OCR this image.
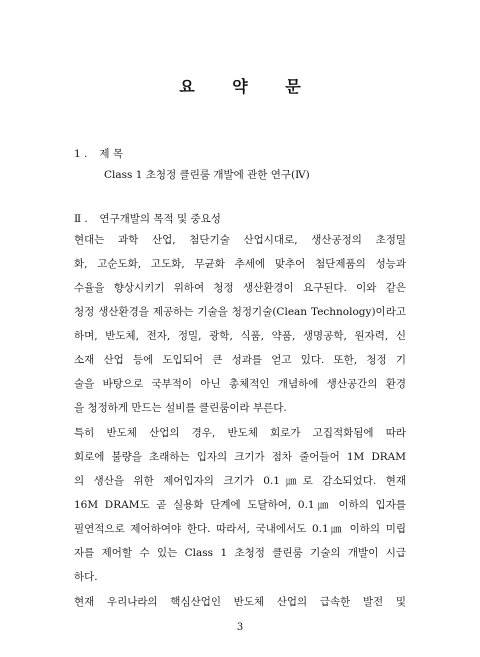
요 약 문
1 . 제 목
Class 1 초청정 클린룸 개발에 관한 연구(Ⅳ)
Ⅱ . 연구개발의 목적 및 중요성
현대는 과학 산업, 첨단기술 산업시대로, 생산공정의 초정밀
화, 고순도화, 고도화, 무균화 추세에 맞추어 첨단제품의 성능과
수율을 향상시키기 위하여 청정 생산환경이 요구된다. 이와 같은
청정 생산환경을 제공하는 기술을 청정기술(Clean Technology)이라고
하며, 반도체, 전자, 정밀, 광학, 식품, 약품, 생명공학, 원자력, 신
소재 산업 등에 도입되어 큰 성과를 얻고 있다. 또한, 청정 기
술을 바탕으로 국부적이 아닌 총체적인 개념하에 생산공간의 환경
을 청정하게 만드는 설비를 클린룸이라 부른다.
특히 반도체 산업의 경우, 반도체 회로가 고집적화됨에 따라
회로에 불량을 초래하는 입자의 크기가 점차 줄어들어 1M DRAM
의 생산을 위한 제어입자의 크기가 0.1㎛로 감소되었다. 현재
16M DRAM도 곧 실용화 단계에 도달하여, 0.1㎛ 이하의 입자를
필연적으로 제어하여야 한다. 따라서, 국내에서도 0.1㎛ 이하의 미립
자를 제어할 수 있는 Class 1 초청정 클린룸 기술의 개발이 시급
하다.
현재 우리나라의 핵심산업인 반도체 산업의 급속한 발전 및
3
